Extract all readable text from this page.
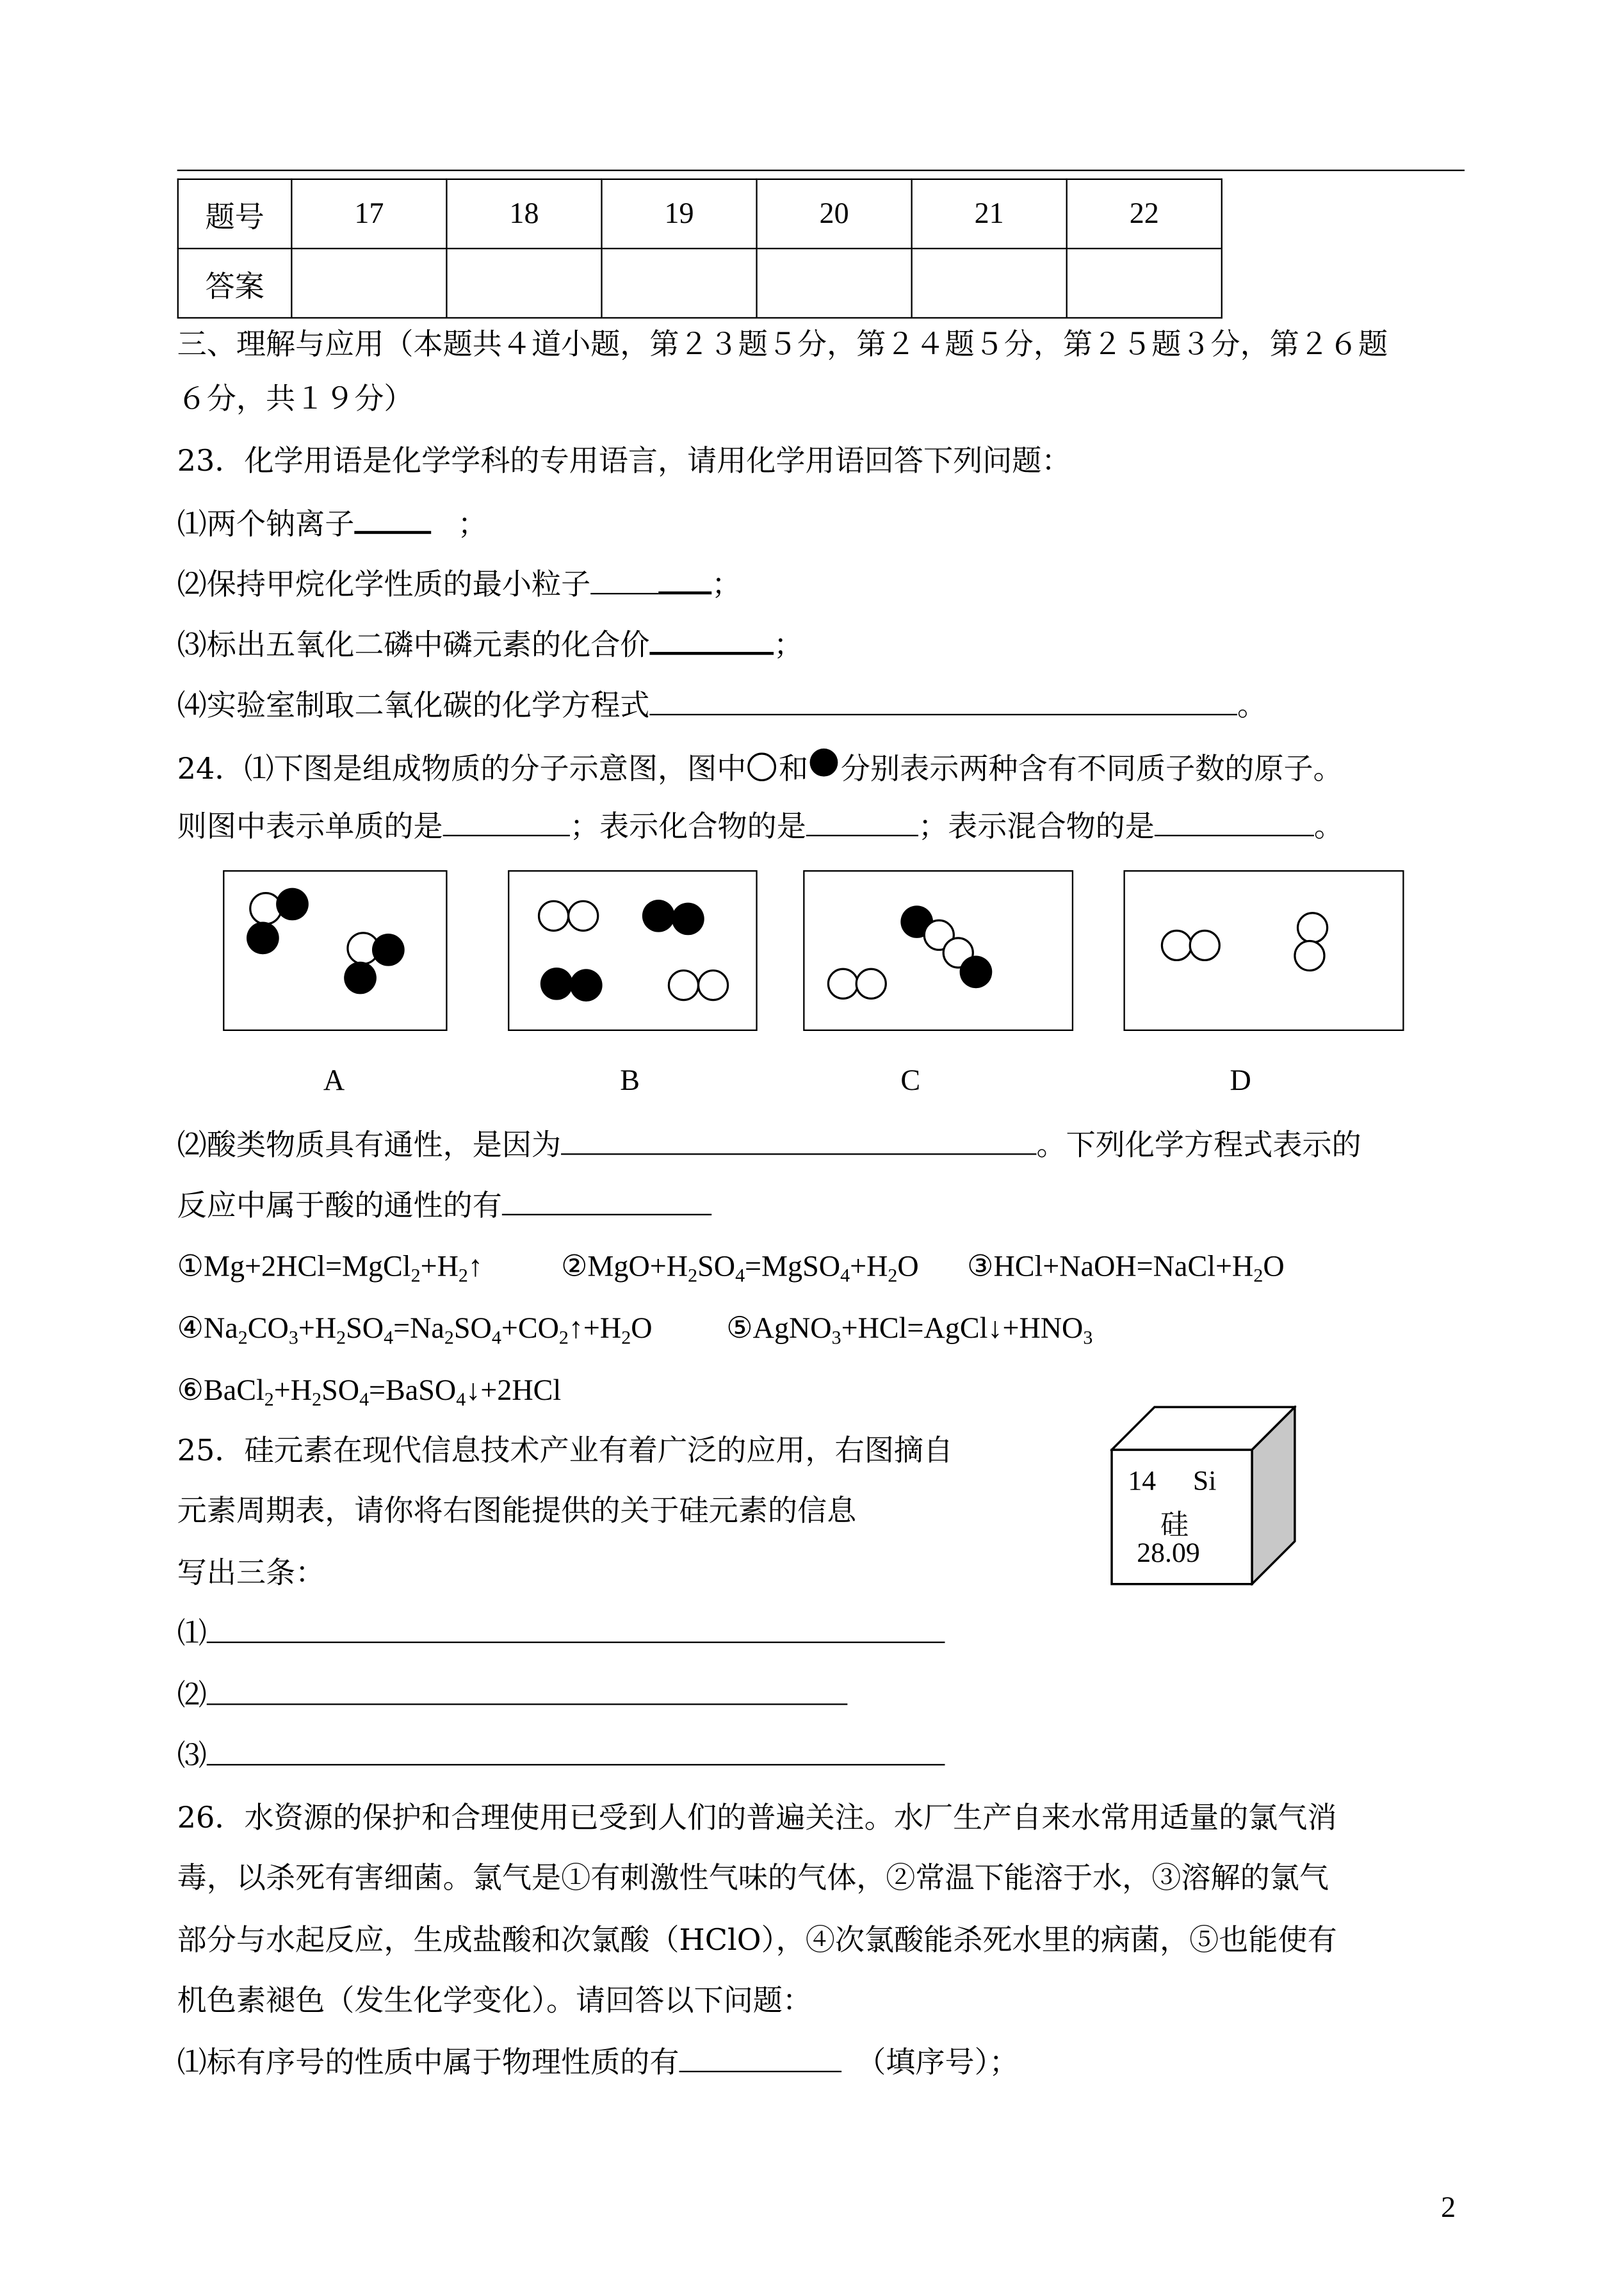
题号	17	18	19	20	21	22
答案						
三、理解与应用（本题共４道小题，第２３题５分，第２４题５分，第２５题３分，第２６题
６分，共１９分）
23．化学用语是化学学科的专用语言，请用化学用语回答下列问题：
⑴两个钠离子	；
⑵保持甲烷化学性质的最小粒子	；
⑶标出五氧化二磷中磷元素的化合价	；
⑷实验室制取二氧化碳的化学方程式	。
24．⑴下图是组成物质的分子示意图，图中	和	分别表示两种含有不同质子数的原子。
则图中表示单质的是	；表示化合物的是	；表示混合物的是	。
A	B	C	D
⑵酸类物质具有通性，是因为	。下列化学方程式表示的
反应中属于酸的通性的有
$①Mg+2HCl=MgCl_2+H_2↑$	$②MgO+H_2SO_4=MgSO_4+H_2O$	$③HCl+NaOH=NaCl+H_2O$
$④Na_2CO_3+H_2SO_4=Na_2SO_4+CO_2↑+H_2O$	$⑤AgNO_3+HCl=AgCl↓+HNO_3$
$⑥BaCl_2+H_2SO_4=BaSO_4↓+2HCl$
25．硅元素在现代信息技术产业有着广泛的应用，右图摘自
元素周期表，请你将右图能提供的关于硅元素的信息
写出三条：
14	Si
硅
28.09
⑴
⑵
⑶
26．水资源的保护和合理使用已受到人们的普遍关注。水厂生产自来水常用适量的氯气消
毒，以杀死有害细菌。氯气是①有刺激性气味的气体，②常温下能溶于水，③溶解的氯气
部分与水起反应，生成盐酸和次氯酸（HClO），④次氯酸能杀死水里的病菌，⑤也能使有
机色素褪色（发生化学变化）。请回答以下问题：
⑴标有序号的性质中属于物理性质的有	（填序号）；
2
